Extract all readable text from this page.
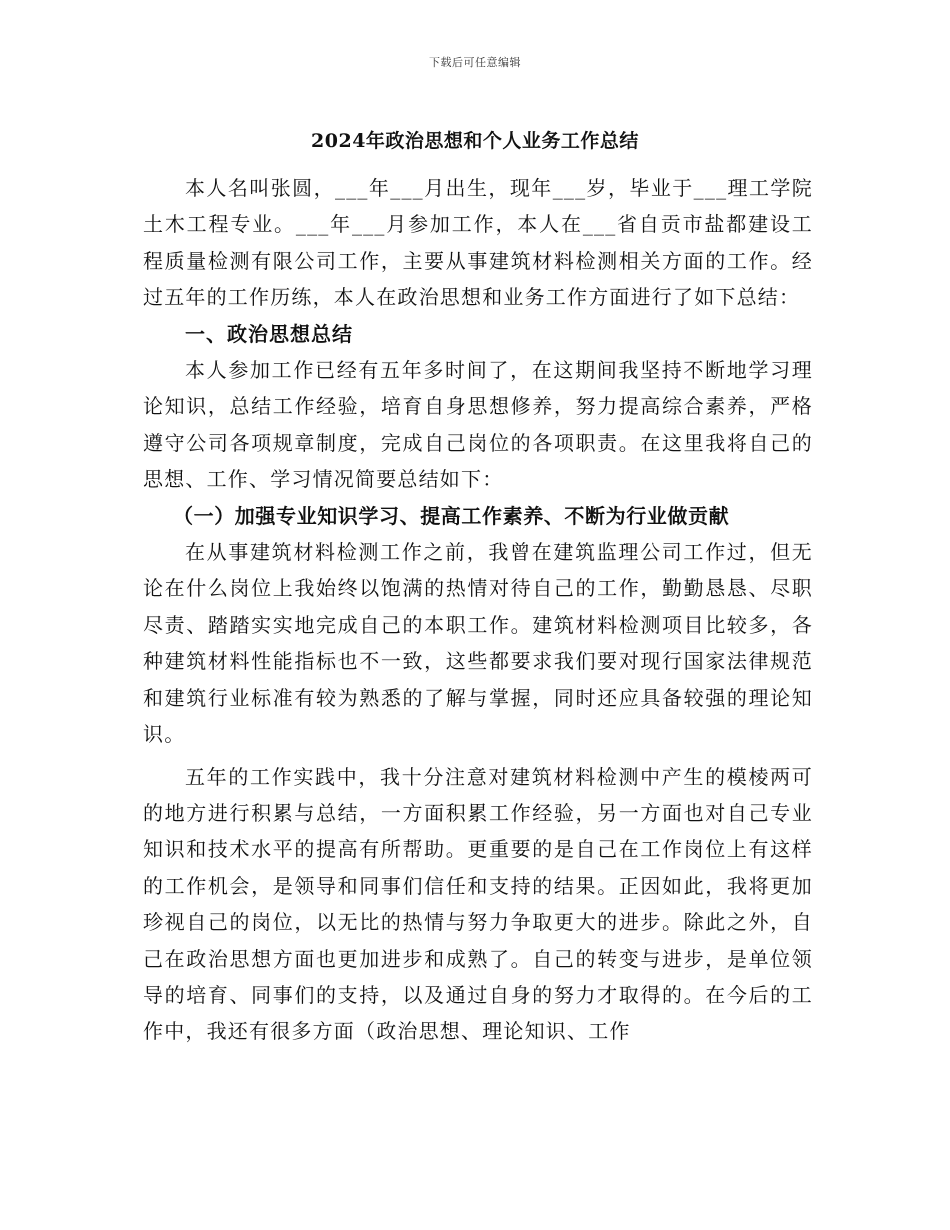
下载后可任意编辑
2024年政治思想和个人业务工作总结

本人名叫张圆，___年___月出生，现年___岁，毕业于___理工学院土木工程专业。___年___月参加工作，本人在___省自贡市盐都建设工程质量检测有限公司工作，主要从事建筑材料检测相关方面的工作。经过五年的工作历练，本人在政治思想和业务工作方面进行了如下总结：

一、政治思想总结

本人参加工作已经有五年多时间了，在这期间我坚持不断地学习理论知识，总结工作经验，培育自身思想修养，努力提高综合素养，严格遵守公司各项规章制度，完成自己岗位的各项职责。在这里我将自己的思想、工作、学习情况简要总结如下：

（一）加强专业知识学习、提高工作素养、不断为行业做贡献

在从事建筑材料检测工作之前，我曾在建筑监理公司工作过，但无论在什么岗位上我始终以饱满的热情对待自己的工作，勤勤恳恳、尽职尽责、踏踏实实地完成自己的本职工作。建筑材料检测项目比较多，各种建筑材料性能指标也不一致，这些都要求我们要对现行国家法律规范和建筑行业标准有较为熟悉的了解与掌握，同时还应具备较强的理论知识。

五年的工作实践中，我十分注意对建筑材料检测中产生的模棱两可的地方进行积累与总结，一方面积累工作经验，另一方面也对自己专业知识和技术水平的提高有所帮助。更重要的是自己在工作岗位上有这样的工作机会，是领导和同事们信任和支持的结果。正因如此，我将更加珍视自己的岗位，以无比的热情与努力争取更大的进步。除此之外，自己在政治思想方面也更加进步和成熟了。自己的转变与进步，是单位领导的培育、同事们的支持，以及通过自身的努力才取得的。在今后的工作中，我还有很多方面（政治思想、理论知识、工作
